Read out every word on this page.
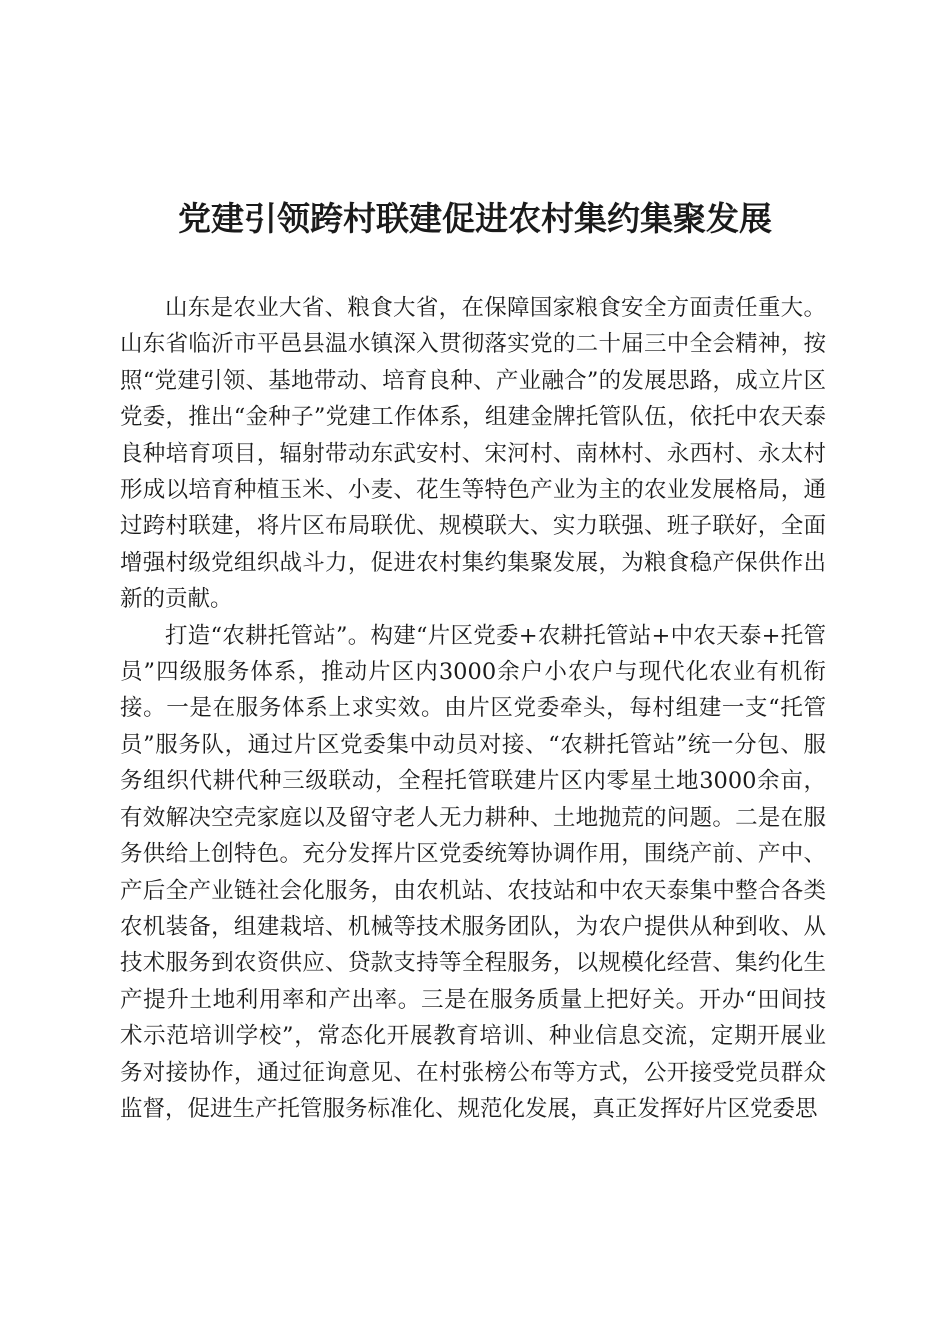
党建引领跨村联建促进农村集约集聚发展

山东是农业大省、粮食大省，在保障国家粮食安全方面责任重大。山东省临沂市平邑县温水镇深入贯彻落实党的二十届三中全会精神，按照“党建引领、基地带动、培育良种、产业融合”的发展思路，成立片区党委，推出“金种子”党建工作体系，组建金牌托管队伍，依托中农天泰良种培育项目，辐射带动东武安村、宋河村、南林村、永西村、永太村形成以培育种植玉米、小麦、花生等特色产业为主的农业发展格局，通过跨村联建，将片区布局联优、规模联大、实力联强、班子联好，全面增强村级党组织战斗力，促进农村集约集聚发展，为粮食稳产保供作出新的贡献。

打造“农耕托管站”。构建“片区党委+农耕托管站+中农天泰+托管员”四级服务体系，推动片区内3000余户小农户与现代化农业有机衔接。一是在服务体系上求实效。由片区党委牵头，每村组建一支“托管员”服务队，通过片区党委集中动员对接、“农耕托管站”统一分包、服务组织代耕代种三级联动，全程托管联建片区内零星土地3000余亩，有效解决空壳家庭以及留守老人无力耕种、土地抛荒的问题。二是在服务供给上创特色。充分发挥片区党委统筹协调作用，围绕产前、产中、产后全产业链社会化服务，由农机站、农技站和中农天泰集中整合各类农机装备，组建栽培、机械等技术服务团队，为农户提供从种到收、从技术服务到农资供应、贷款支持等全程服务，以规模化经营、集约化生产提升土地利用率和产出率。三是在服务质量上把好关。开办“田间技术示范培训学校”，常态化开展教育培训、种业信息交流，定期开展业务对接协作，通过征询意见、在村张榜公布等方式，公开接受党员群众监督，促进生产托管服务标准化、规范化发展，真正发挥好片区党委思
